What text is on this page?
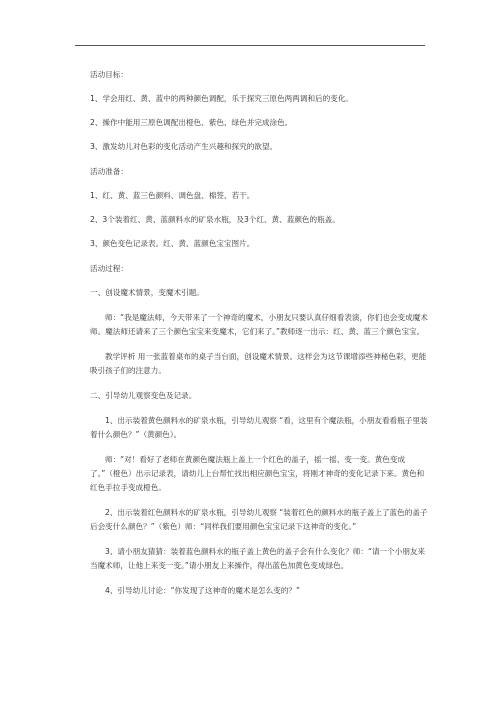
活动目标：

1、学会用红、黄、蓝中的两种颜色调配，乐于探究三原色两两调和后的变化。

2、操作中能用三原色调配出橙色、紫色、绿色并完成涂色。

3、激发幼儿对色彩的变化活动产生兴趣和探究的欲望。

活动准备：

1、红、黄、蓝三色颜料、调色盘、棉签、若干。

2、3个装着红、黄、蓝颜料水的矿泉水瓶，及3个红、黄、蓝颜色的瓶盖。

3、颜色变色记录表。红、黄、蓝颜色宝宝图片。

活动过程：

一、创设魔术情景，变魔术引题。

师：“我是魔法师，今天带来了一个神奇的魔术，小朋友只要认真仔细看表演，你们也会变成魔术师。魔法师还请来了三个颜色宝宝来变魔术，它们来了。”教师逐一出示：红、黄、蓝三个颜色宝宝。

教学评析 用一张蓝着桌布的桌子当台面，创设魔术情景。这样会为这节课增添些神秘色彩，更能吸引孩子们的注意力。

二、引导幼儿观察变色及记录。

1、出示装着黄色颜料水的矿泉水瓶，引导幼儿观察 “看，这里有个魔法瓶，小朋友看看瓶子里装着什么颜色？”（黄颜色）。

师：“对！看好了老师在黄颜色魔法瓶上盖上一个红色的盖子，摇一摇、变一变。黄色变成了。”（橙色）出示记录表，请幼儿上台帮忙找出相应颜色宝宝，将刚才神奇的变化记录下来。黄色和红色手拉手变成橙色。

2、出示装着红色颜料水的矿泉水瓶，引导幼儿观察 “装着红色的颜料水的瓶子盖上了蓝色的盖子后会变什么颜色？”（紫色）师：“同样我们要用颜色宝宝记录下这神奇的变化。”

3、请小朋友猜猜：装着蓝色颜料水的瓶子盖上黄色的盖子会有什么变化？师：“请一个小朋友来当魔术师，让他上来变一变。”请小朋友上来操作，得出蓝色加黄色变成绿色。

4、引导幼儿讨论：“你发现了这神奇的魔术是怎么变的？”
